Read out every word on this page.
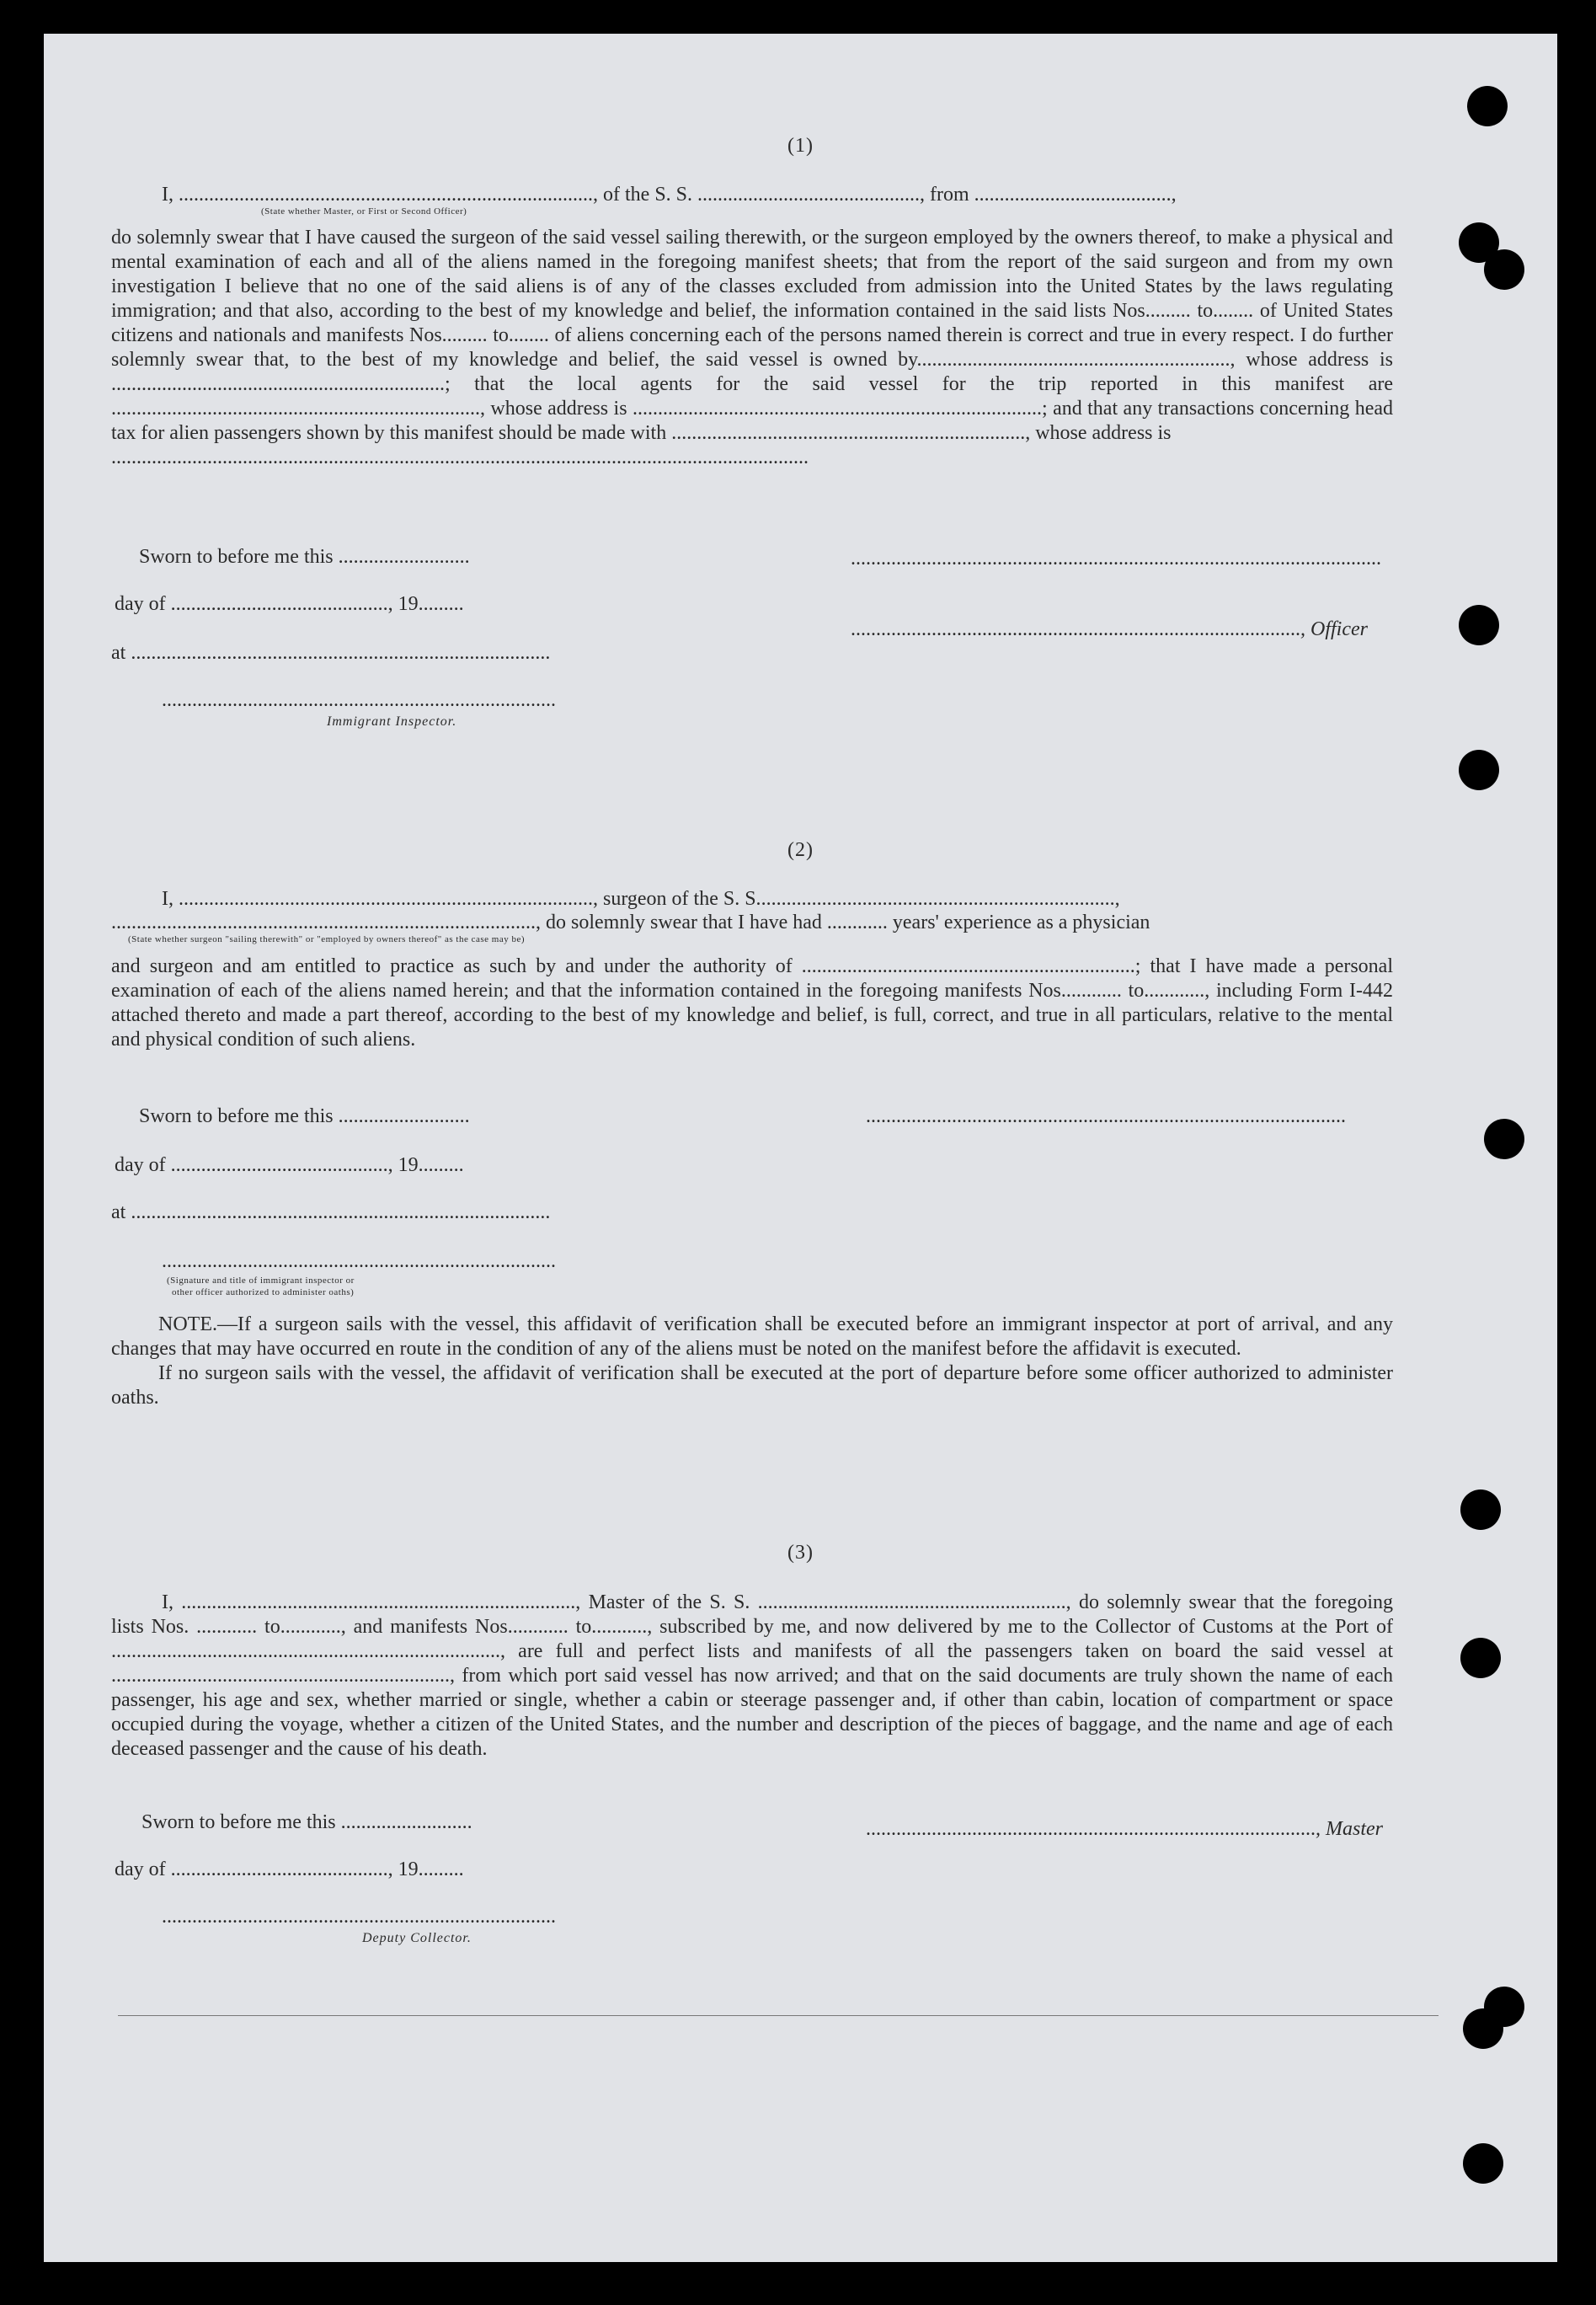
(1)
I, .................................................................................., of the S. S. ............................................, from .......................................,
(State whether Master, or First or Second Officer)

do solemnly swear that I have caused the surgeon of the said vessel sailing therewith, or the surgeon employed by the owners thereof, to make a physical and mental examination of each and all of the aliens named in the foregoing manifest sheets; that from the report of the said surgeon and from my own investigation I believe that no one of the said aliens is of any of the classes excluded from admission into the United States by the laws regulating immigration; and that also, according to the best of my knowledge and belief, the information contained in the said lists Nos......... to........ of United States citizens and nationals and manifests Nos......... to........ of aliens concerning each of the persons named therein is correct and true in every respect. I do further solemnly swear that, to the best of my knowledge and belief, the said vessel is owned by.............................................................., whose address is ..................................................................; that the local agents for the said vessel for the trip reported in this manifest are ........................................................................., whose address is .................................................................................; and that any transactions concerning head tax for alien passengers shown by this manifest should be made with ......................................................................, whose address is

..........................................................................................................................................

Sworn to before me this ..........................
day of ..........................................., 19.........
at ...................................................................................
..............................................................................
Immigrant Inspector.
.........................................................................................................
........................................................................................., Officer
(2)
I, .................................................................................., surgeon of the S. S.......................................................................,
...................................................................................., do solemnly swear that I have had ............ years' experience as a physician
(State whether surgeon "sailing therewith" or "employed by owners thereof" as the case may be)
and surgeon and am entitled to practice as such by and under the authority of ..................................................................; that I have made a personal examination of each of the aliens named herein; and that the information contained in the foregoing manifests Nos............ to............, including Form I-442 attached thereto and made a part thereof, according to the best of my knowledge and belief, is full, correct, and true in all particulars, relative to the mental and physical condition of such aliens.
Sworn to before me this ..........................	...............................................................................................
day of ..........................................., 19.........
at ...................................................................................
..............................................................................
(Signature and title of immigrant inspector or
other officer authorized to administer oaths)

NOTE.—If a surgeon sails with the vessel, this affidavit of verification shall be executed before an immigrant inspector at port of arrival, and any changes that may have occurred en route in the condition of any of the aliens must be noted on the manifest before the affidavit is executed.

If no surgeon sails with the vessel, the affidavit of verification shall be executed at the port of departure before some officer authorized to administer oaths.

(3)
I, .............................................................................., Master of the S. S. ............................................................., do solemnly swear that the foregoing lists Nos. ............ to............, and manifests Nos............ to..........., subscribed by me, and now delivered by me to the Collector of Customs at the Port of ............................................................................., are full and perfect lists and manifests of all the passengers taken on board the said vessel at ..................................................................., from which port said vessel has now arrived; and that on the said documents are truly shown the name of each passenger, his age and sex, whether married or single, whether a cabin or steerage passenger and, if other than cabin, location of compartment or space occupied during the voyage, whether a citizen of the United States, and the number and description of the pieces of baggage, and the name and age of each deceased passenger and the cause of his death.
Sworn to before me this ..........................	........................................................................................., Master
day of ..........................................., 19.........
..............................................................................
Deputy Collector.
